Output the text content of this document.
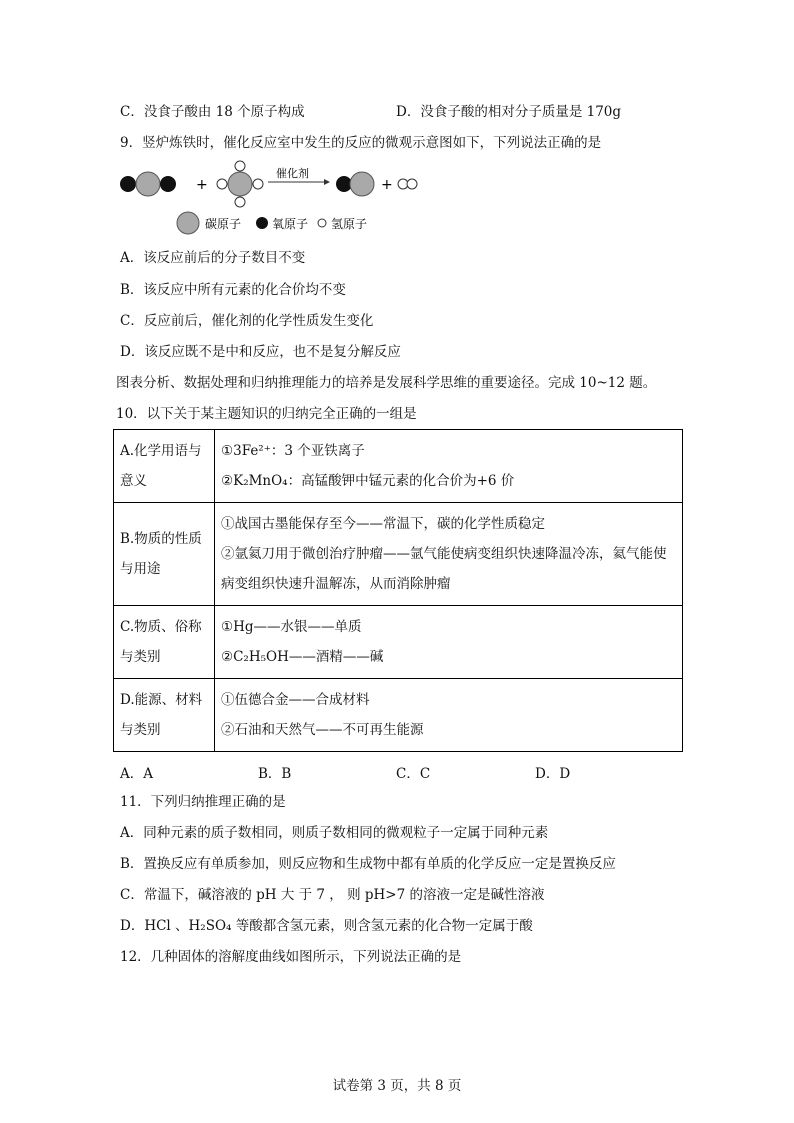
C．没食子酸由 18 个原子构成	D．没食子酸的相对分子质量是 170g
9．竖炉炼铁时，催化反应室中发生的反应的微观示意图如下，下列说法正确的是
+
催化剂
+
碳原子	氧原子 氢原子
A．该反应前后的分子数目不变
B．该反应中所有元素的化合价均不变
C．反应前后，催化剂的化学性质发生变化
D．该反应既不是中和反应，也不是复分解反应
图表分析、数据处理和归纳推理能力的培养是发展科学思维的重要途径。完成 10~12 题。
10．以下关于某主题知识的归纳完全正确的一组是
A.化学用语与意义	①3Fe²⁺：3 个亚铁离子
②K₂MnO₄：高锰酸钾中锰元素的化合价为+6 价

B.物质的性质与用途	①战国古墨能保存至今——常温下，碳的化学性质稳定
②氩氦刀用于微创治疗肿瘤——氩气能使病变组织快速降温冷冻，氦气能使病变组织快速升温解冻，从而消除肿瘤

C.物质、俗称与类别	①Hg——水银——单质
②C₂H₅OH——酒精——碱

D.能源、材料与类别	①伍德合金——合成材料
②石油和天然气——不可再生能源
A．A	B．B	C．C	D．D
11．下列归纳推理正确的是
A．同种元素的质子数相同，则质子数相同的微观粒子一定属于同种元素
B．置换反应有单质参加，则反应物和生成物中都有单质的化学反应一定是置换反应
C．常温下，碱溶液的 pH 大 于 7 ， 则 pH>7 的溶液一定是碱性溶液
D．HCl 、H₂SO₄ 等酸都含氢元素，则含氢元素的化合物一定属于酸
12．几种固体的溶解度曲线如图所示，下列说法正确的是
试卷第 3 页，共 8 页
